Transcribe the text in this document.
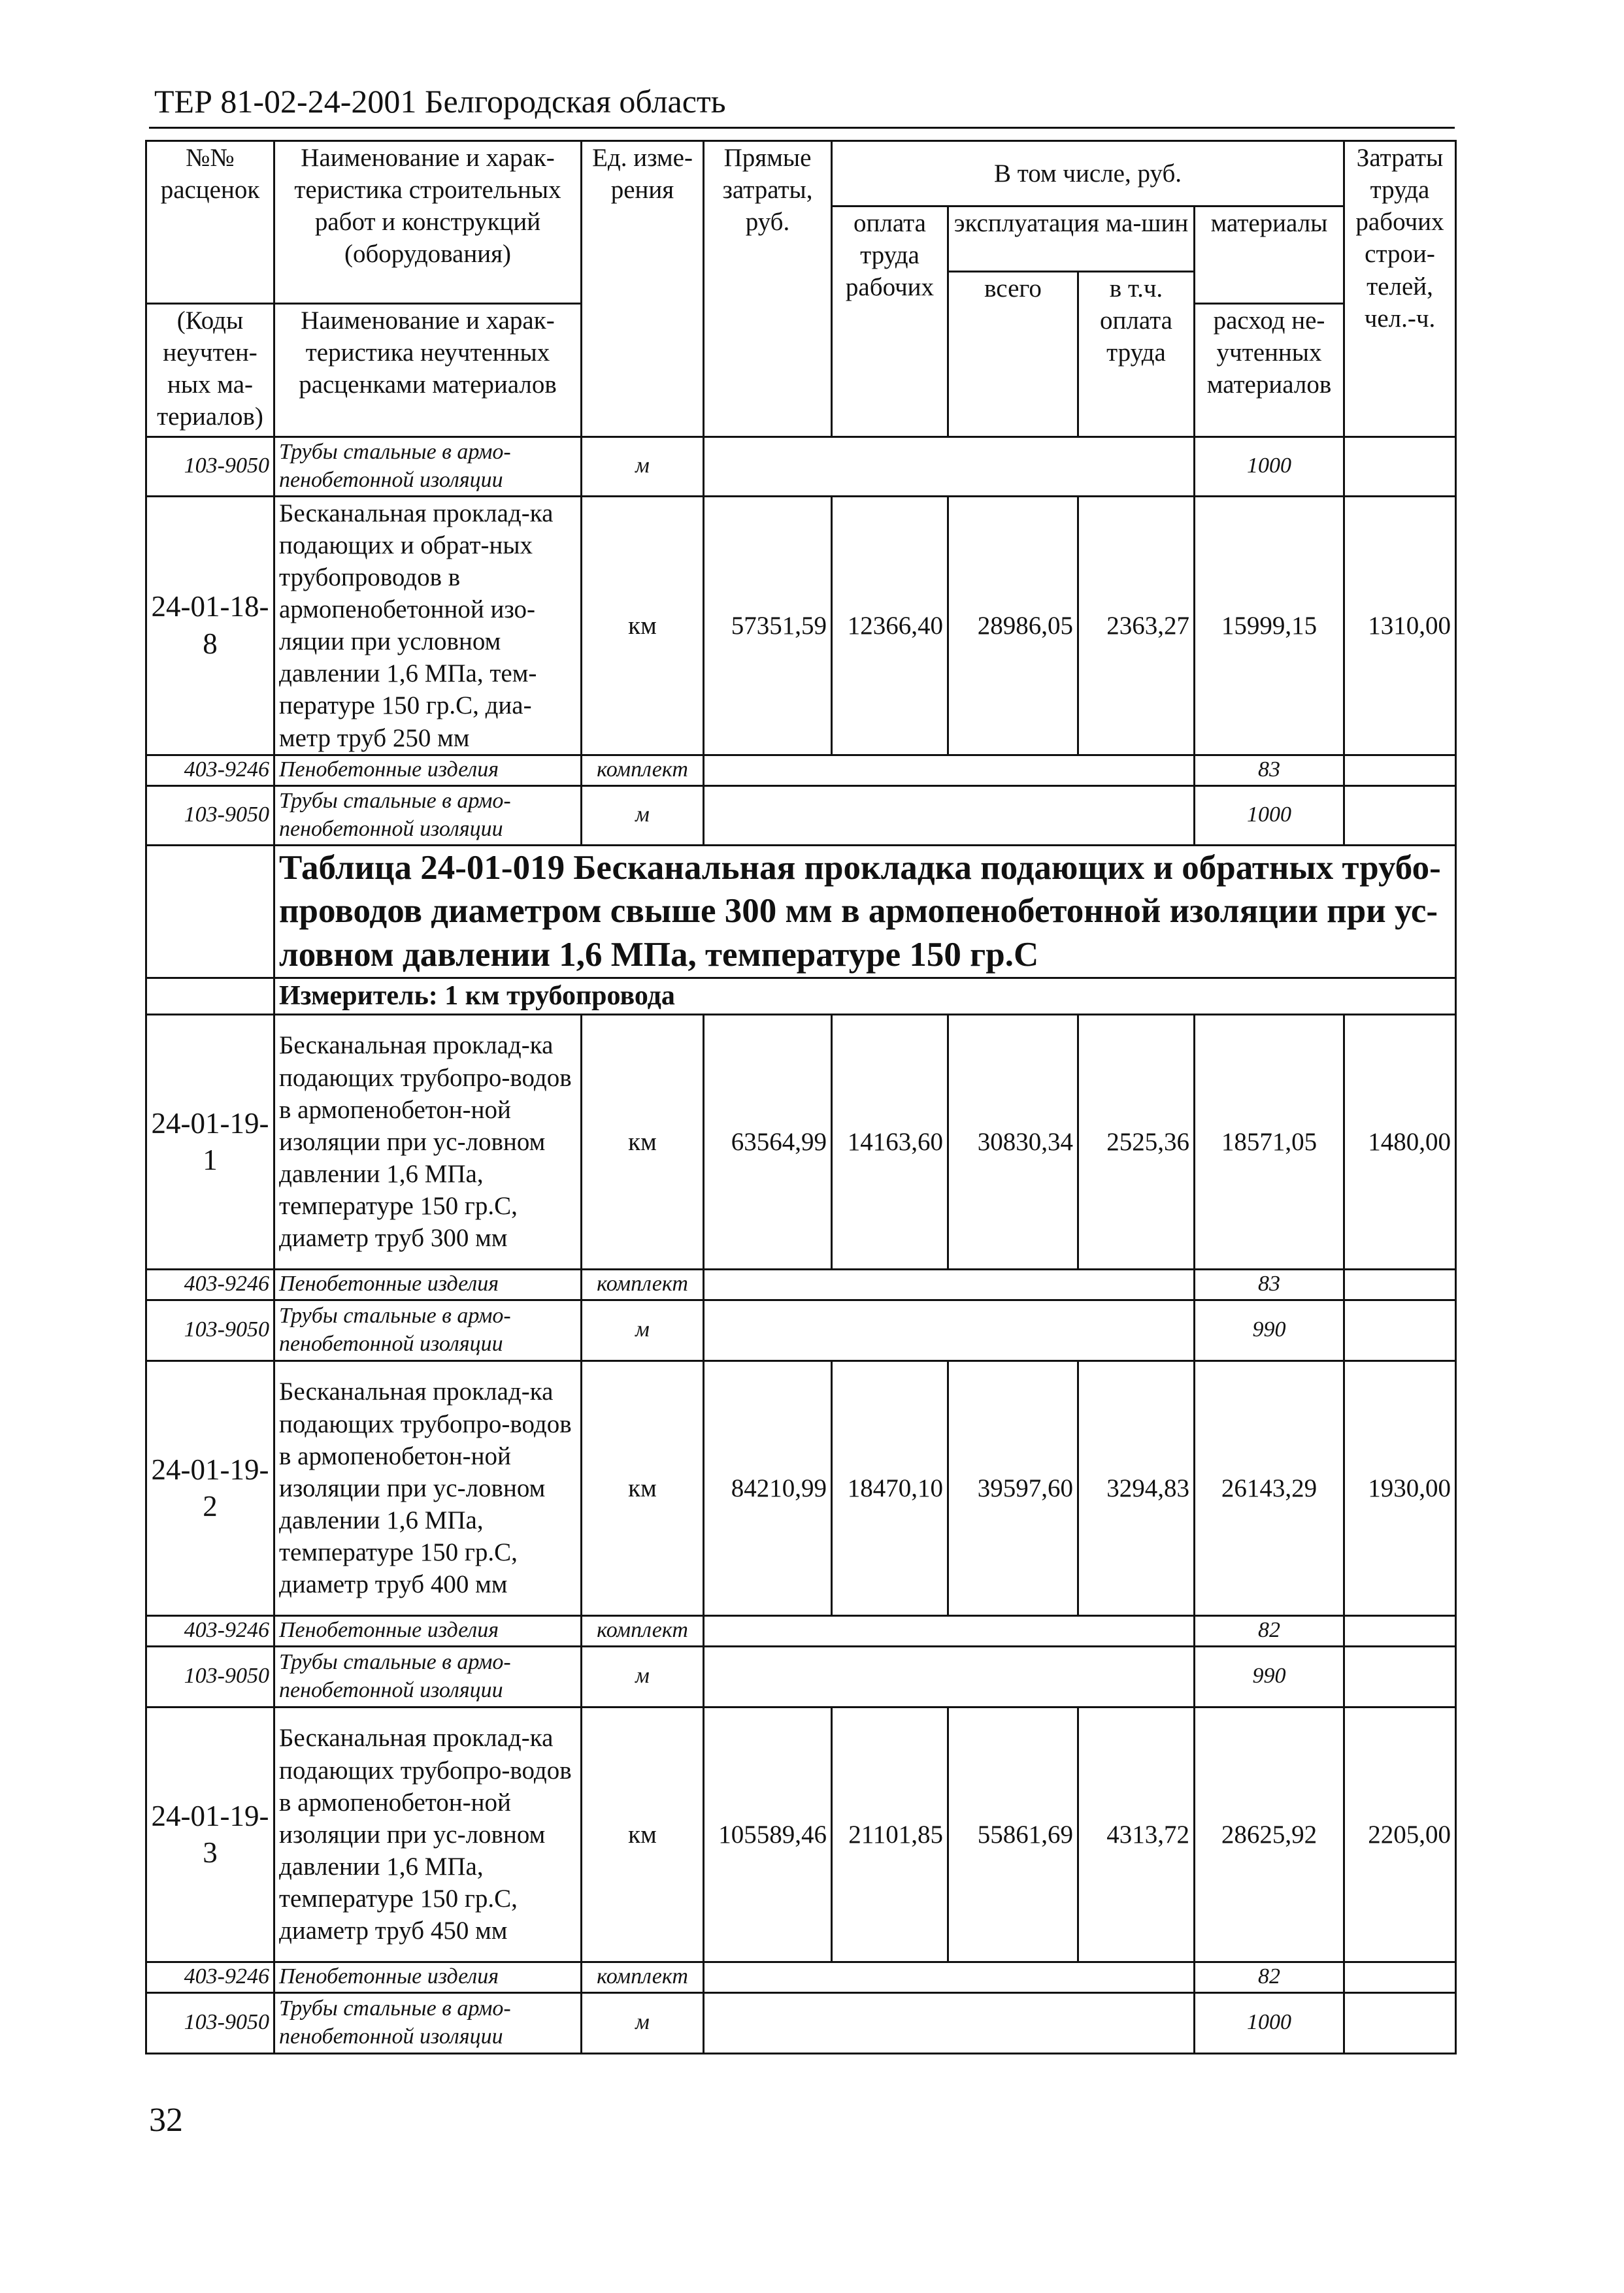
ТЕР 81-02-24-2001 Белгородская область
№№ расценок	Наименование и харак-теристика строительных работ и конструкций (оборудования)	Ед. изме-рения	Прямые затраты, руб.	В том числе, руб.				Затраты труда рабочих строи-телей, чел.-ч.
				оплата труда рабочих	эксплуатация ма-шин		материалы	
					всего	в т.ч. оплата труда		
(Коды неучтен-ных ма-териалов)	Наименование и харак-теристика неучтенных расценками материалов						расход не-учтенных материалов	
103-9050	Трубы стальные в армо-пенобетонной изоляции	м					1000	
24-01-18-8	Бесканальная проклад-ка подающих и обрат-ных трубопроводов в армопенобетонной изо-ляции при условном давлении 1,6 МПа, тем-пературе 150 гр.С, диа-метр труб 250 мм	км	57351,59	12366,40	28986,05	2363,27	15999,15	1310,00
403-9246	Пенобетонные изделия	комплект					83	
103-9050	Трубы стальные в армо-пенобетонной изоляции	м					1000	
	Таблица 24-01-019 Бесканальная прокладка подающих и обратных трубо-проводов диаметром свыше 300 мм в армопенобетонной изоляции при ус-ловном давлении 1,6 МПа, температуре 150 гр.С							
	Измеритель: 1 км трубопровода							
24-01-19-1	Бесканальная проклад-ка подающих трубопро-водов в армопенобетон-ной изоляции при ус-ловном давлении 1,6 МПа, температуре 150 гр.С, диаметр труб 300 мм	км	63564,99	14163,60	30830,34	2525,36	18571,05	1480,00
403-9246	Пенобетонные изделия	комплект					83	
103-9050	Трубы стальные в армо-пенобетонной изоляции	м					990	
24-01-19-2	Бесканальная проклад-ка подающих трубопро-водов в армопенобетон-ной изоляции при ус-ловном давлении 1,6 МПа, температуре 150 гр.С, диаметр труб 400 мм	км	84210,99	18470,10	39597,60	3294,83	26143,29	1930,00
403-9246	Пенобетонные изделия	комплект					82	
103-9050	Трубы стальные в армо-пенобетонной изоляции	м					990	
24-01-19-3	Бесканальная проклад-ка подающих трубопро-водов в армопенобетон-ной изоляции при ус-ловном давлении 1,6 МПа, температуре 150 гр.С, диаметр труб 450 мм	км	105589,46	21101,85	55861,69	4313,72	28625,92	2205,00
403-9246	Пенобетонные изделия	комплект					82	
103-9050	Трубы стальные в армо-пенобетонной изоляции	м					1000	
32
